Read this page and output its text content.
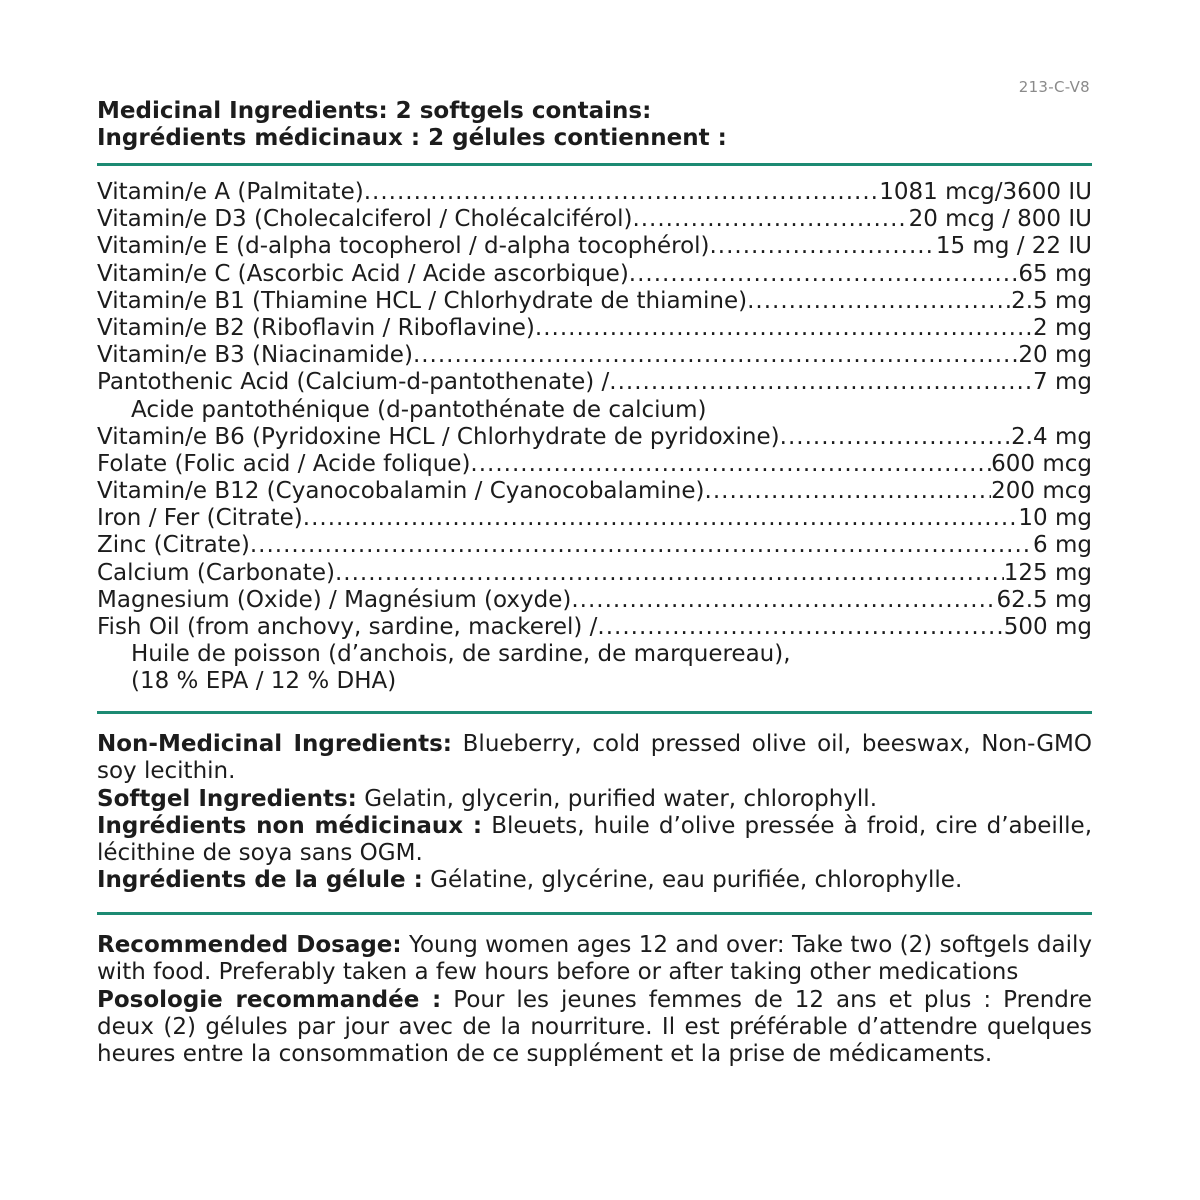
213-C-V8
Medicinal Ingredients: 2 softgels contains:
Ingrédients médicinaux : 2 gélules contiennent :
Vitamin/e A (Palmitate) .....	1081 mcg/3600 IU
Vitamin/e D3 (Cholecalciferol / Cholécalciférol) .....	20 mcg / 800 IU
Vitamin/e E (d-alpha tocopherol / d-alpha tocophérol) .....	15 mg / 22 IU
Vitamin/e C (Ascorbic Acid / Acide ascorbique) .....	65 mg
Vitamin/e B1 (Thiamine HCL / Chlorhydrate de thiamine) .....	2.5 mg
Vitamin/e B2 (Riboflavin / Riboflavine) .....	2 mg
Vitamin/e B3 (Niacinamide) .....	20 mg
Pantothenic Acid (Calcium-d-pantothenate) / .....	7 mg
Acide pantothénique (d-pantothénate de calcium)
Vitamin/e B6 (Pyridoxine HCL / Chlorhydrate de pyridoxine) .....	2.4 mg
Folate (Folic acid / Acide folique) .....	600 mcg
Vitamin/e B12 (Cyanocobalamin / Cyanocobalamine) .....	200 mcg
Iron / Fer (Citrate) .....	10 mg
Zinc (Citrate) .....	6 mg
Calcium (Carbonate) .....	125 mg
Magnesium (Oxide) / Magnésium (oxyde) .....	62.5 mg
Fish Oil (from anchovy, sardine, mackerel) / .....	500 mg
Huile de poisson (d’anchois, de sardine, de marquereau),
(18 % EPA / 12 % DHA)

Non-Medicinal Ingredients: Blueberry, cold pressed olive oil, beeswax, Non-GMO soy lecithin.

Softgel Ingredients: Gelatin, glycerin, purified water, chlorophyll.

Ingrédients non médicinaux : Bleuets, huile d’olive pressée à froid, cire d’abeille, lécithine de soya sans OGM.

Ingrédients de la gélule : Gélatine, glycérine, eau purifiée, chlorophylle.

Recommended Dosage: Young women ages 12 and over: Take two (2) softgels daily with food. Preferably taken a few hours before or after taking other medications

Posologie recommandée : Pour les jeunes femmes de 12 ans et plus : Prendre deux (2) gélules par jour avec de la nourriture. Il est préférable d’attendre quelques heures entre la consommation de ce supplément et la prise de médicaments.
